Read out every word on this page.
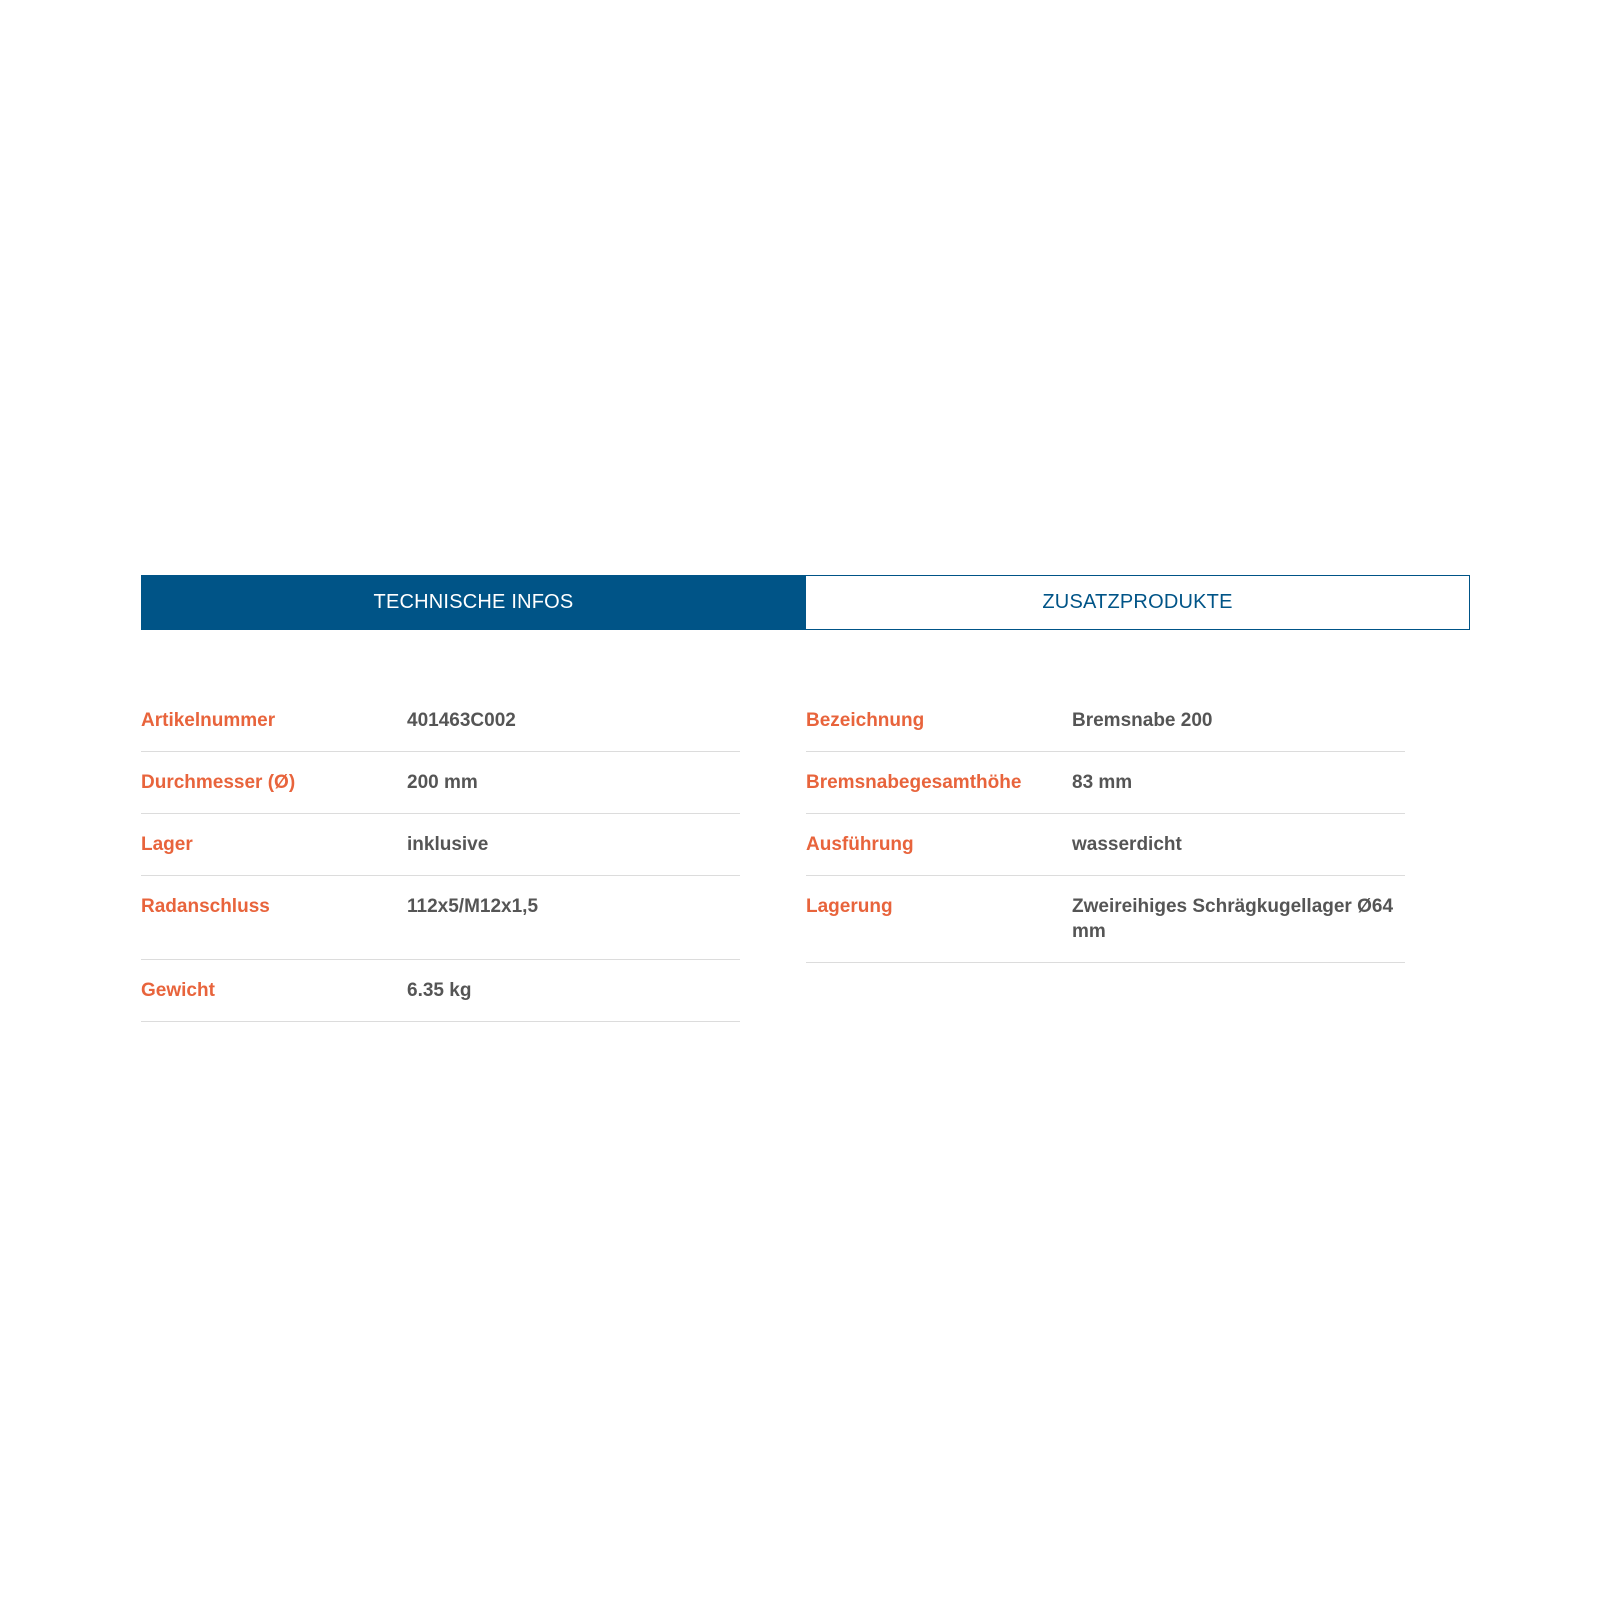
TECHNISCHE INFOS	ZUSATZPRODUKTE
Artikelnummer	401463C002
Durchmesser (Ø)	200 mm
Lager	inklusive
Radanschluss	112x5/M12x1,5
Gewicht	6.35 kg
Bezeichnung	Bremsnabe 200
Bremsnabegesamthöhe	83 mm
Ausführung	wasserdicht
Lagerung	Zweireihiges Schrägkugellager Ø64 mm
